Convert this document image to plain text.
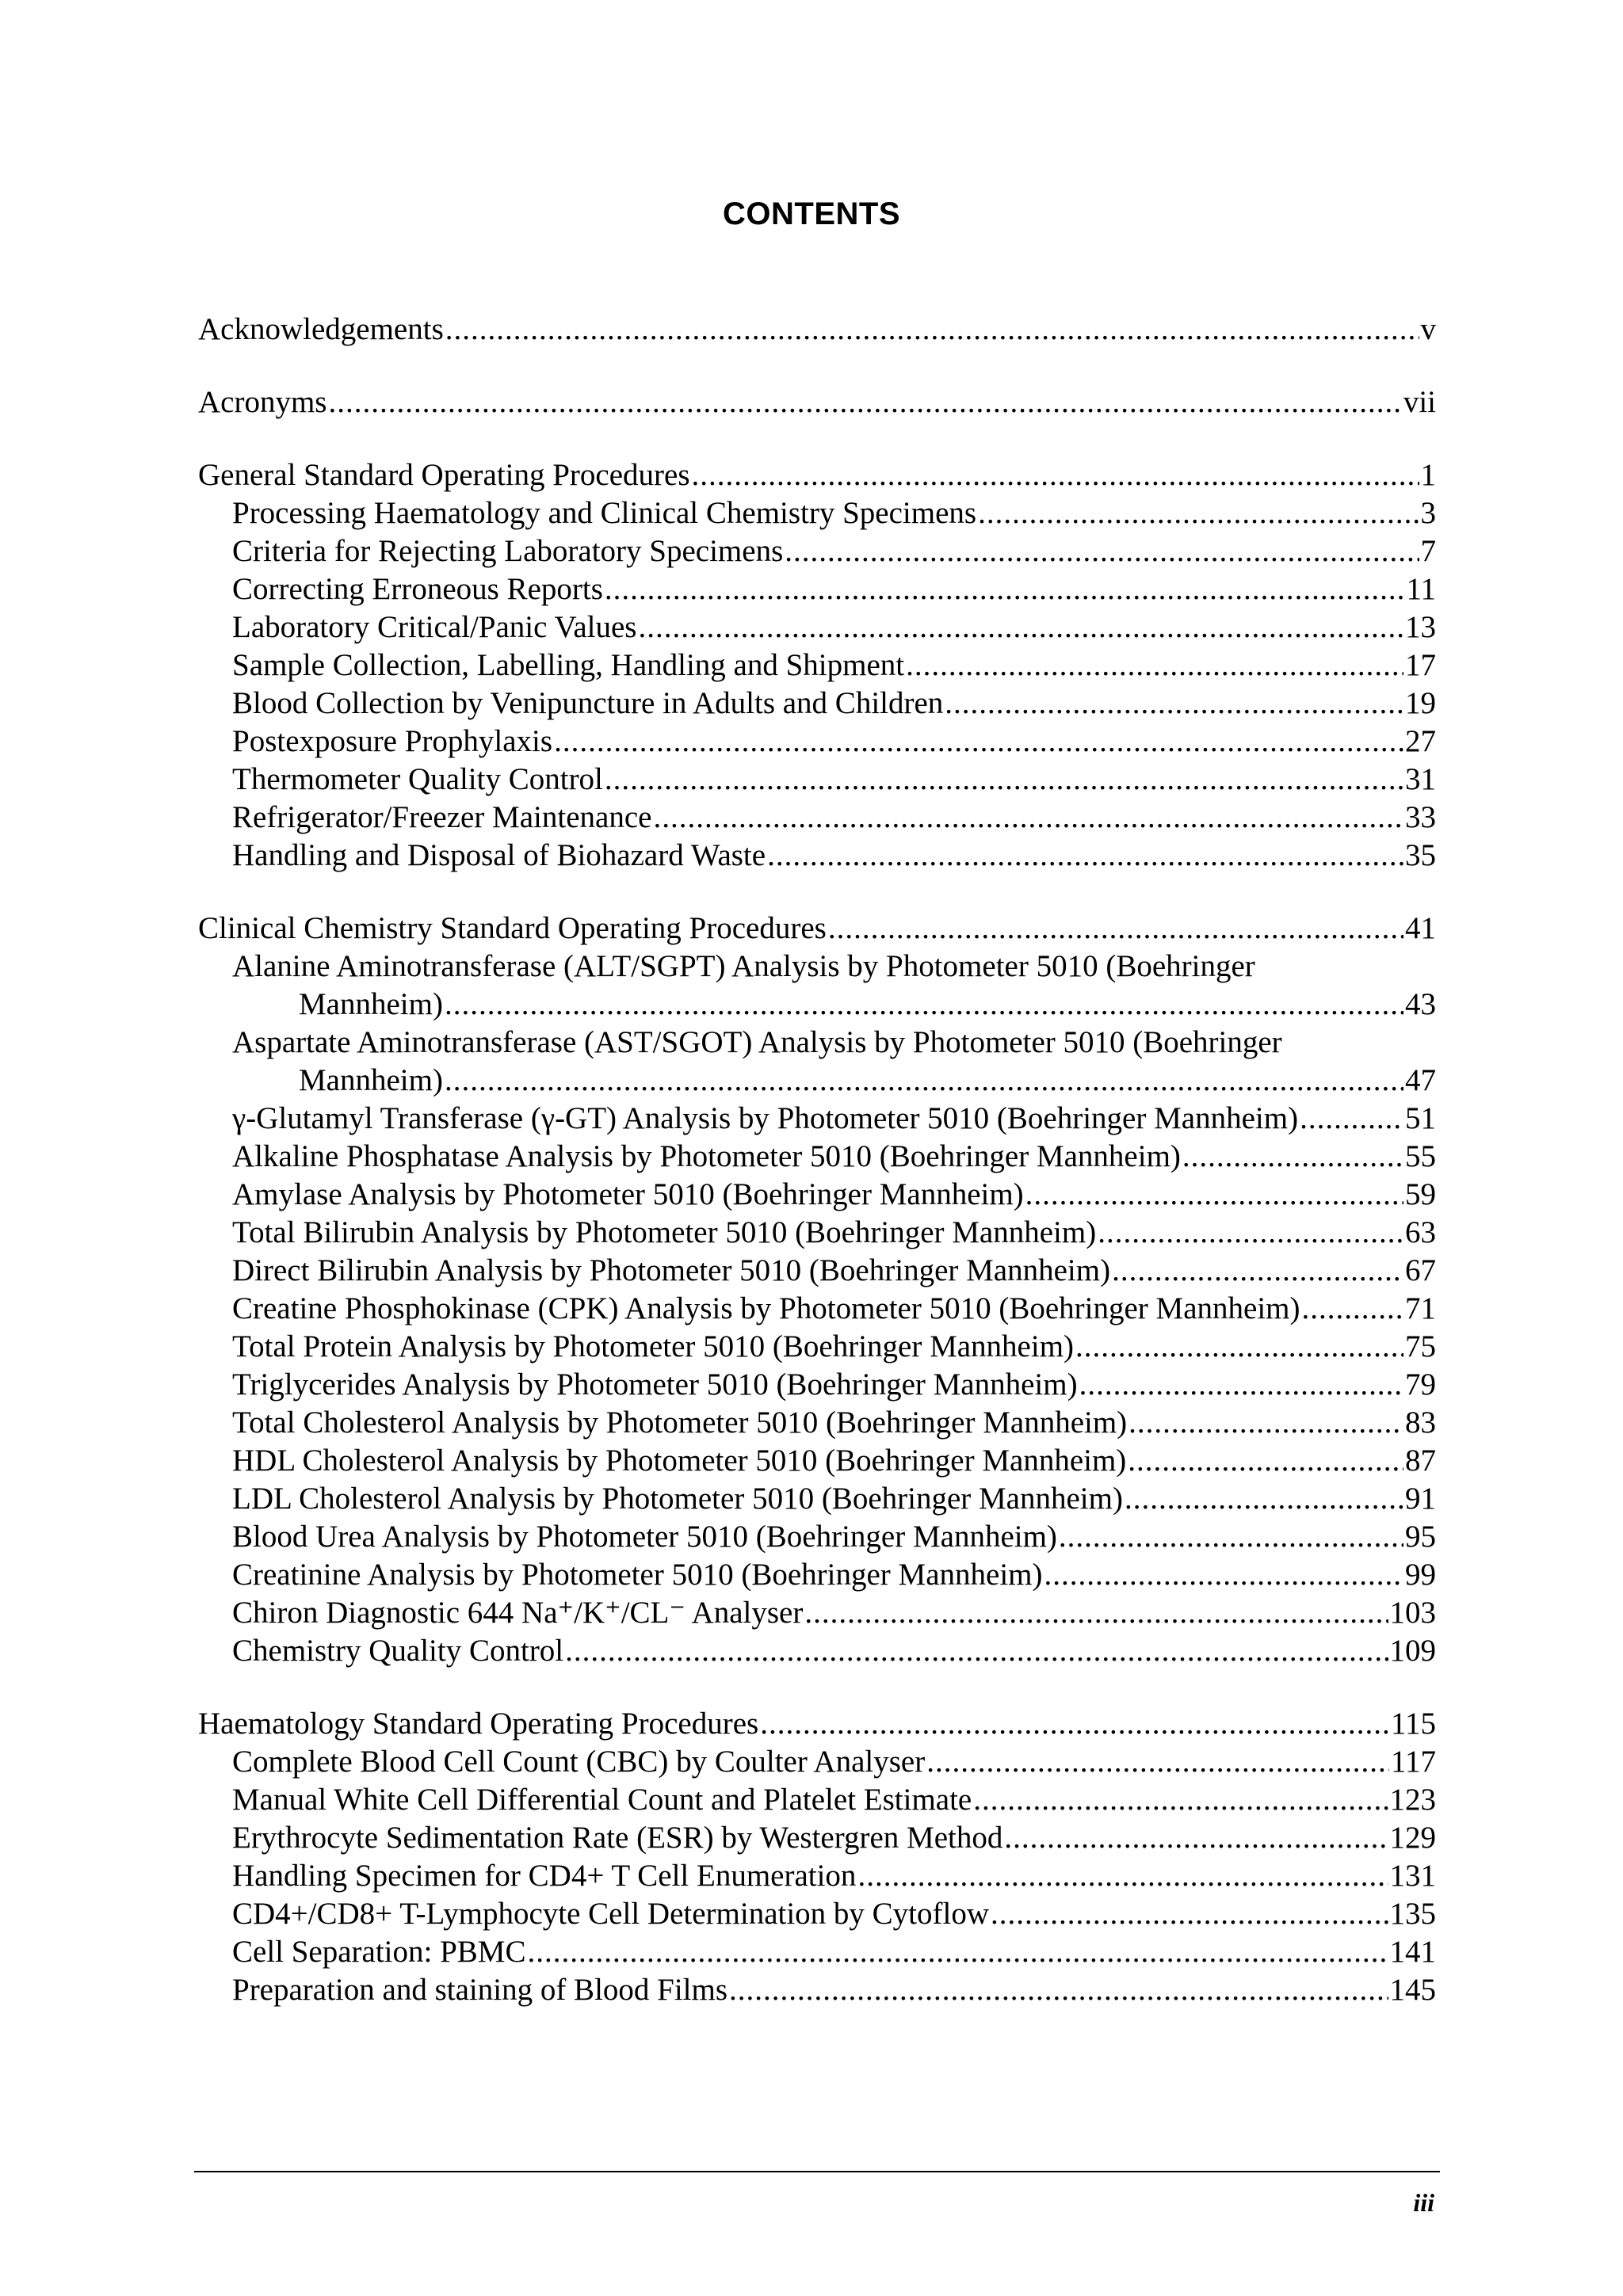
CONTENTS
Acknowledgements .....	v
Acronyms .....	vii
General Standard Operating Procedures .....	1
Processing Haematology and Clinical Chemistry Specimens .....	3
Criteria for Rejecting Laboratory Specimens .....	7
Correcting Erroneous Reports .....	11
Laboratory Critical/Panic Values .....	13
Sample Collection, Labelling, Handling and Shipment .....	17
Blood Collection by Venipuncture in Adults and Children .....	19
Postexposure Prophylaxis .....	27
Thermometer Quality Control .....	31
Refrigerator/Freezer Maintenance .....	33
Handling and Disposal of Biohazard Waste .....	35
Clinical Chemistry Standard Operating Procedures .....	41
Alanine Aminotransferase (ALT/SGPT) Analysis by Photometer 5010 (Boehringer
Mannheim) .....	43
Aspartate Aminotransferase (AST/SGOT) Analysis by Photometer 5010 (Boehringer
Mannheim) .....	47
γ-Glutamyl Transferase (γ-GT) Analysis by Photometer 5010 (Boehringer Mannheim) .....	51
Alkaline Phosphatase Analysis by Photometer 5010 (Boehringer Mannheim) .....	55
Amylase Analysis by Photometer 5010 (Boehringer Mannheim) .....	59
Total Bilirubin Analysis by Photometer 5010 (Boehringer Mannheim) .....	63
Direct Bilirubin Analysis by Photometer 5010 (Boehringer Mannheim) .....	67
Creatine Phosphokinase (CPK) Analysis by Photometer 5010 (Boehringer Mannheim) .....	71
Total Protein Analysis by Photometer 5010 (Boehringer Mannheim) .....	75
Triglycerides Analysis by Photometer 5010 (Boehringer Mannheim) .....	79
Total Cholesterol Analysis by Photometer 5010 (Boehringer Mannheim) .....	83
HDL Cholesterol Analysis by Photometer 5010 (Boehringer Mannheim) .....	87
LDL Cholesterol Analysis by Photometer 5010 (Boehringer Mannheim) .....	91
Blood Urea Analysis by Photometer 5010 (Boehringer Mannheim) .....	95
Creatinine Analysis by Photometer 5010 (Boehringer Mannheim) .....	99
Chiron Diagnostic 644 Na⁺/K⁺/CL⁻ Analyser .....	103
Chemistry Quality Control .....	109
Haematology Standard Operating Procedures .....	115
Complete Blood Cell Count (CBC) by Coulter Analyser .....	117
Manual White Cell Differential Count and Platelet Estimate .....	123
Erythrocyte Sedimentation Rate (ESR) by Westergren Method .....	129
Handling Specimen for CD4+ T Cell Enumeration .....	131
CD4+/CD8+ T-Lymphocyte Cell Determination by Cytoflow .....	135
Cell Separation: PBMC .....	141
Preparation and staining of Blood Films .....	145
iii
